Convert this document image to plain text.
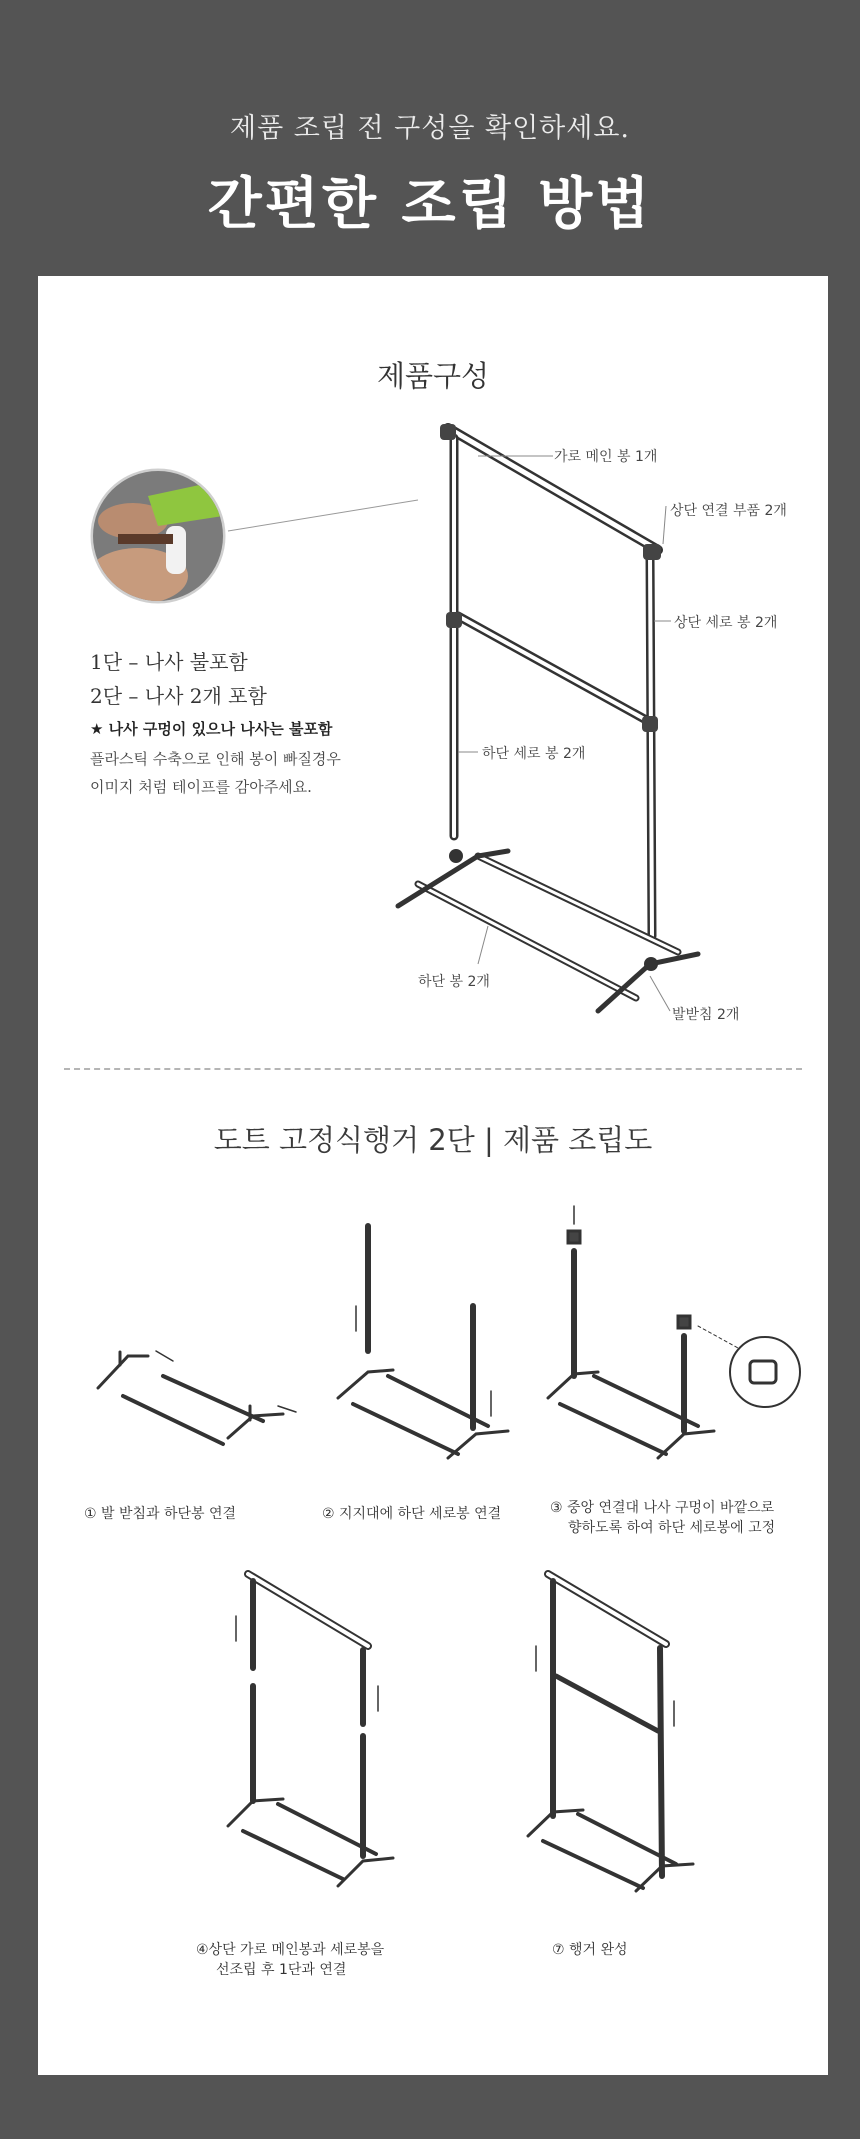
제품 조립 전 구성을 확인하세요.
간편한 조립 방법
제품구성
가로 메인 봉 1개
상단 연결 부품 2개
상단 세로 봉 2개
하단 세로 봉 2개
하단 봉 2개
발받침 2개
1단 – 나사 불포함
2단 – 나사 2개 포함
★ 나사 구멍이 있으나 나사는 불포함
플라스틱 수축으로 인해 봉이 빠질경우
이미지 처럼 테이프를 감아주세요.
도트 고정식행거 2단 | 제품 조립도
① 발 받침과 하단봉 연결	② 지지대에 하단 세로봉 연결	③ 중앙 연결대 나사 구멍이 바깥으로
향하도록 하여 하단 세로봉에 고정
④상단 가로 메인봉과 세로봉을
선조립 후 1단과 연결
⑦ 행거 완성
